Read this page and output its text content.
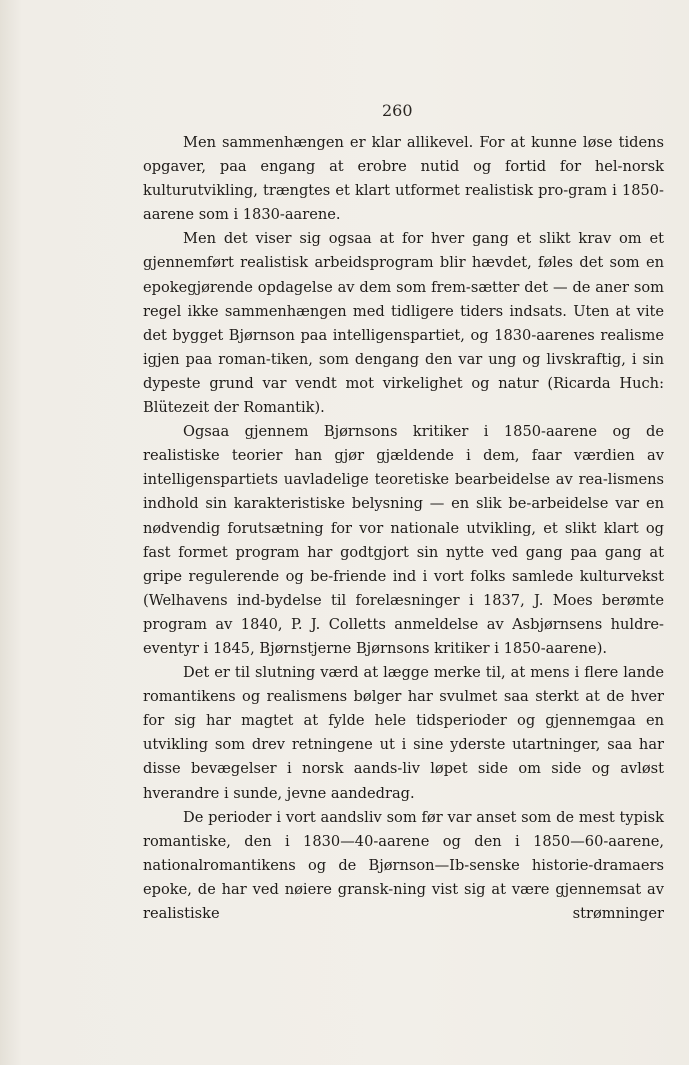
260

Men sammenhængen er klar allikevel. For at kunne løse tidens opgaver, paa engang at erobre nutid og fortid for hel-norsk kulturutvikling, trængtes et klart utformet realistisk pro-gram i 1850-aarene som i 1830-aarene.

Men det viser sig ogsaa at for hver gang et slikt krav om et gjennemført realistisk arbeidsprogram blir hævdet, føles det som en epokegjørende opdagelse av dem som frem-sætter det — de aner som regel ikke sammenhængen med tidligere tiders indsats. Uten at vite det bygget Bjørnson paa intelligenspartiet, og 1830-aarenes realisme igjen paa roman-tiken, som dengang den var ung og livskraftig, i sin dypeste grund var vendt mot virkelighet og natur (Ricarda Huch: Blütezeit der Romantik).

Ogsaa gjennem Bjørnsons kritiker i 1850-aarene og de realistiske teorier han gjør gjældende i dem, faar værdien av intelligenspartiets uavladelige teoretiske bearbeidelse av rea-lismens indhold sin karakteristiske belysning — en slik be-arbeidelse var en nødvendig forutsætning for vor nationale utvikling, et slikt klart og fast formet program har godtgjort sin nytte ved gang paa gang at gripe regulerende og be-friende ind i vort folks samlede kulturvekst (Welhavens ind-bydelse til forelæsninger i 1837, J. Moes berømte program av 1840, P. J. Colletts anmeldelse av Asbjørnsens huldre-eventyr i 1845, Bjørnstjerne Bjørnsons kritiker i 1850-aarene).

Det er til slutning værd at lægge merke til, at mens i flere lande romantikens og realismens bølger har svulmet saa sterkt at de hver for sig har magtet at fylde hele tidsperioder og gjennemgaa en utvikling som drev retningene ut i sine yderste utartninger, saa har disse bevægelser i norsk aands-liv løpet side om side og avløst hverandre i sunde, jevne aandedrag.

De perioder i vort aandsliv som før var anset som de mest typisk romantiske, den i 1830—40-aarene og den i 1850—60-aarene, nationalromantikens og de Bjørnson—Ib-senske historie-dramaers epoke, de har ved nøiere gransk-ning vist sig at være gjennemsat av realistiske strømninger
